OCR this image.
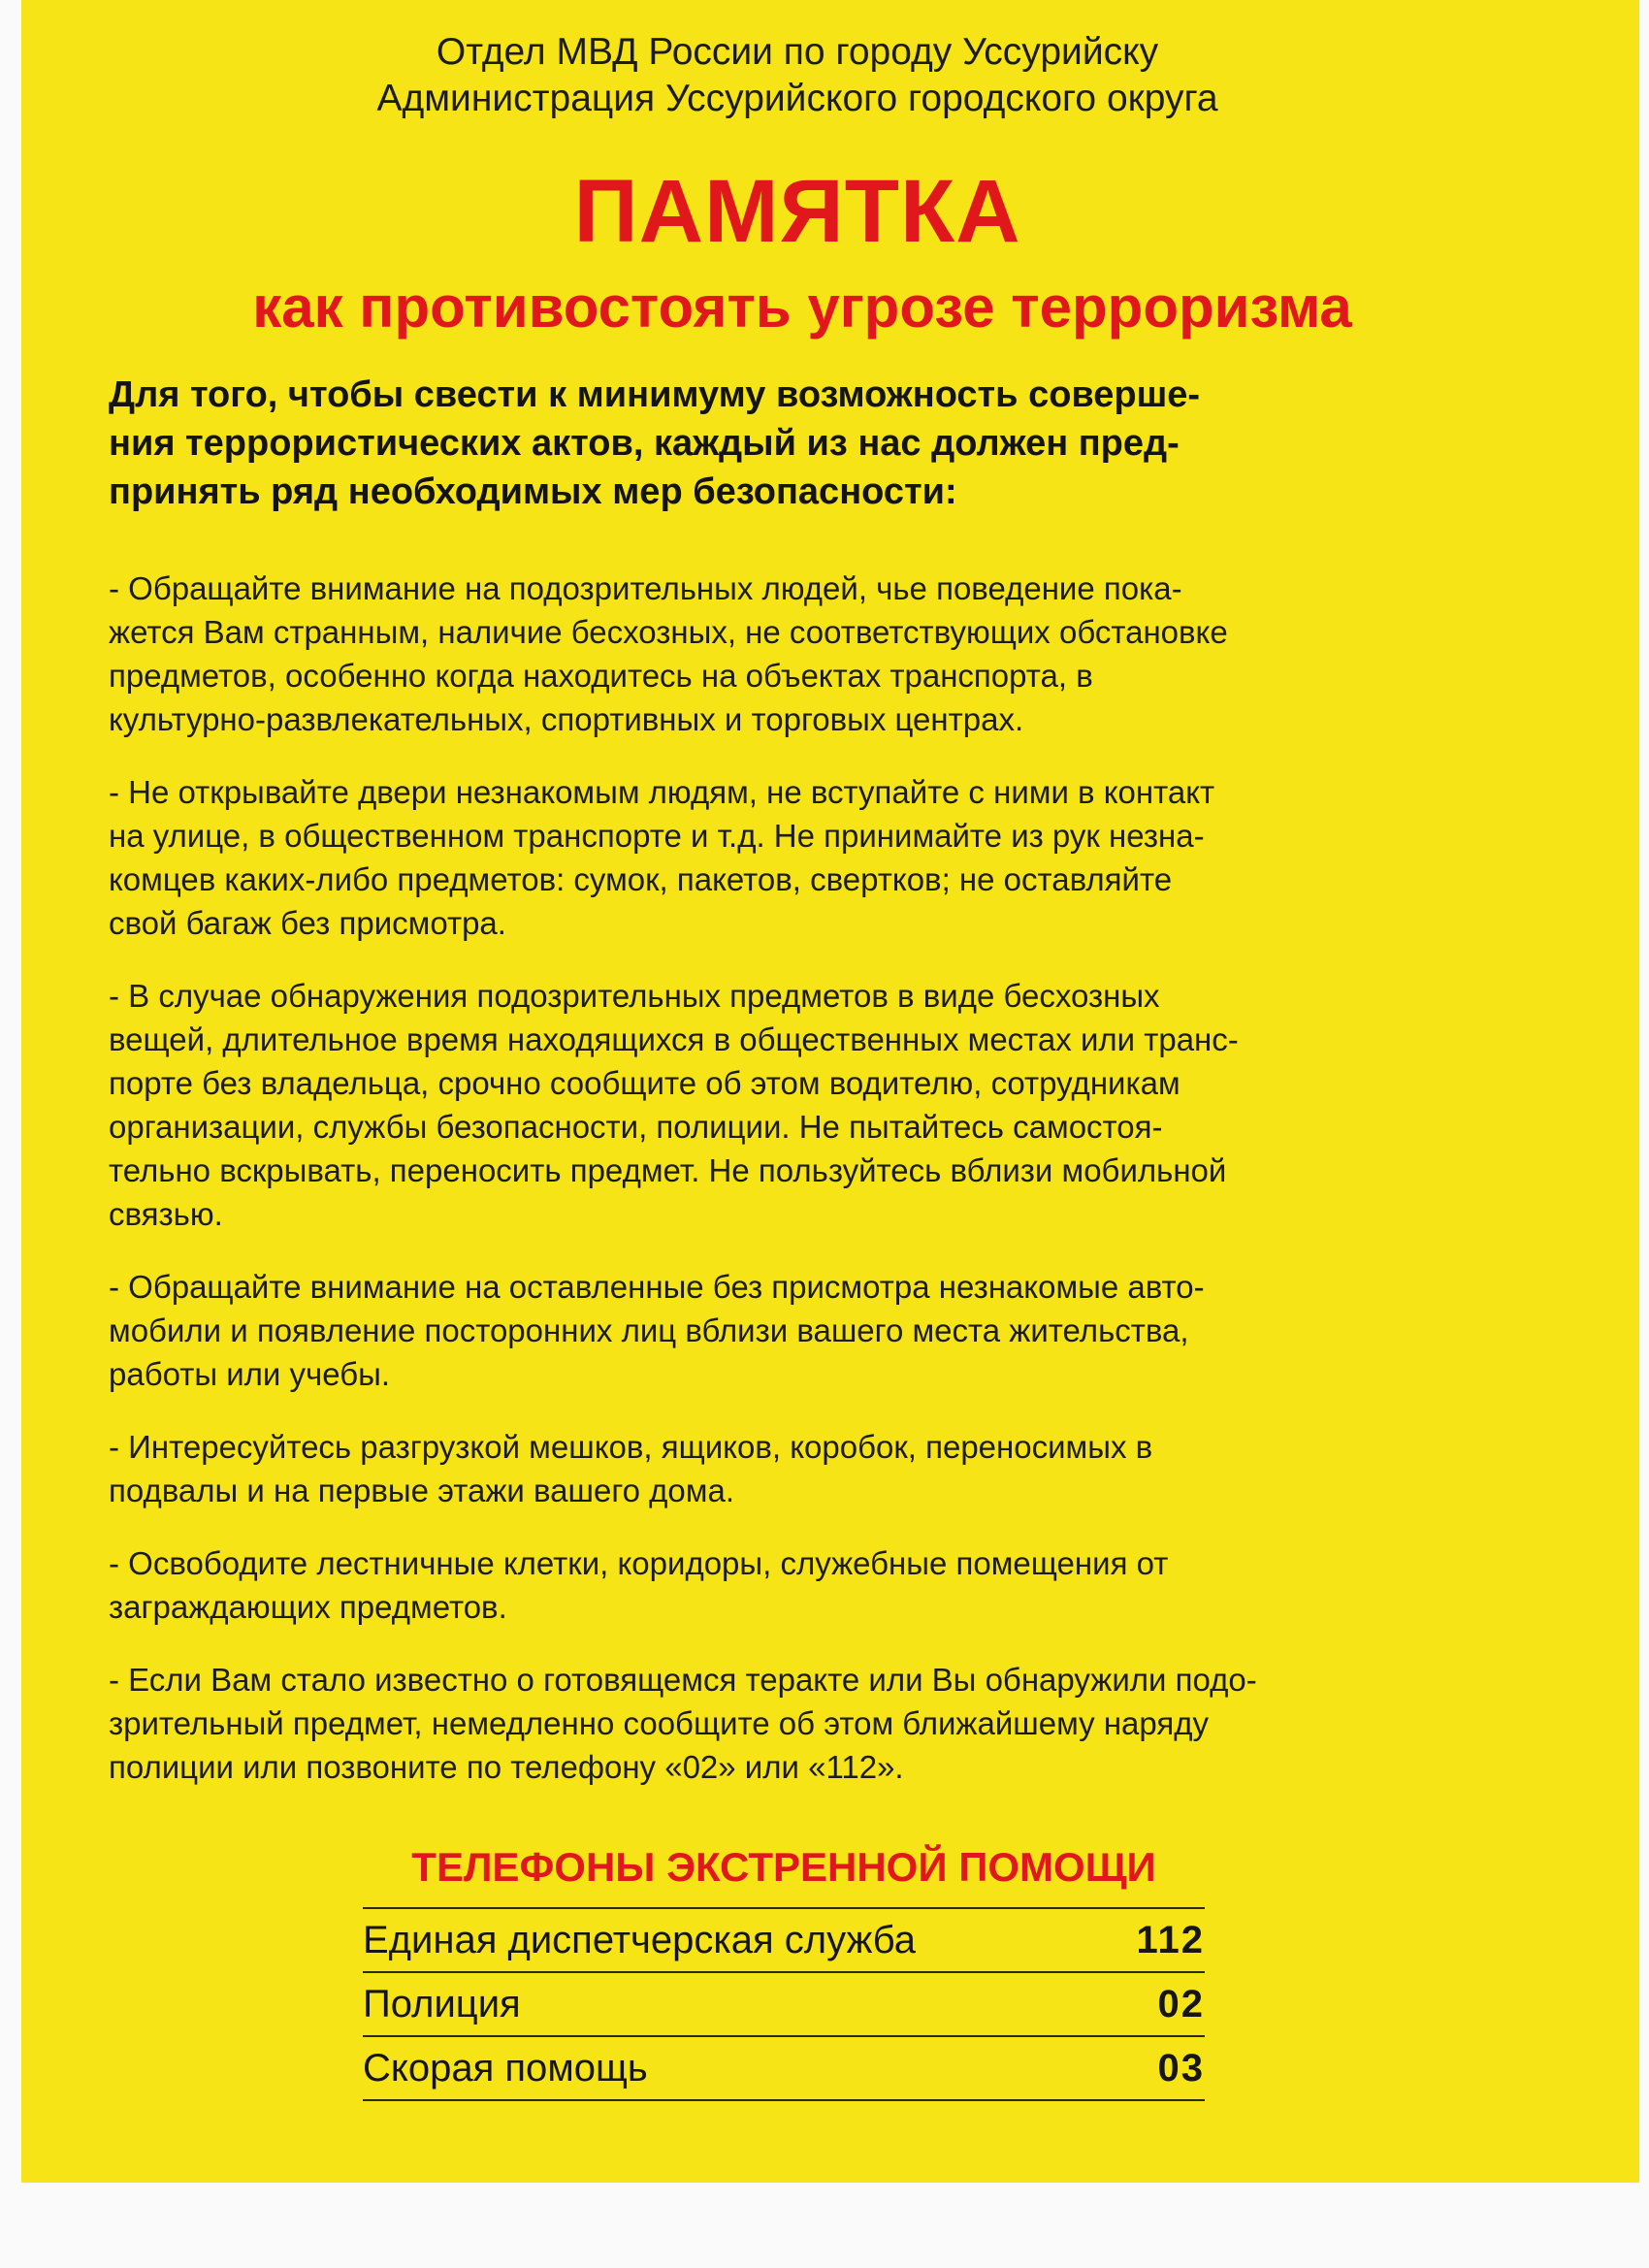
Отдел МВД России по городу Уссурийску
Администрация Уссурийского городского округа
ПАМЯТКА
как противостоять угрозе терроризма
Для того, чтобы свести к минимуму возможность соверше-
ния террористических актов, каждый из нас должен пред-
принять ряд необходимых мер безопасности:
- Обращайте внимание на подозрительных людей, чье поведение пока-
жется Вам странным, наличие бесхозных, не соответствующих обстановке
предметов, особенно когда находитесь на объектах транспорта, в
культурно-развлекательных, спортивных и торговых центрах.
- Не открывайте двери незнакомым людям, не вступайте с ними в контакт
на улице, в общественном транспорте и т.д. Не принимайте из рук незна-
комцев каких-либо предметов: сумок, пакетов, свертков; не оставляйте
свой багаж без присмотра.
- В случае обнаружения подозрительных предметов в виде бесхозных
вещей, длительное время находящихся в общественных местах или транс-
порте без владельца, срочно сообщите об этом водителю, сотрудникам
организации, службы безопасности, полиции. Не пытайтесь самостоя-
тельно вскрывать, переносить предмет. Не пользуйтесь вблизи мобильной
связью.
- Обращайте внимание на оставленные без присмотра незнакомые авто-
мобили и появление посторонних лиц вблизи вашего места жительства,
работы или учебы.
- Интересуйтесь разгрузкой мешков, ящиков, коробок, переносимых в
подвалы и на первые этажи вашего дома.
- Освободите лестничные клетки, коридоры, служебные помещения от
заграждающих предметов.
- Если Вам стало известно о готовящемся теракте или Вы обнаружили подо-
зрительный предмет, немедленно сообщите об этом ближайшему наряду
полиции или позвоните по телефону «02» или «112».
ТЕЛЕФОНЫ ЭКСТРЕННОЙ ПОМОЩИ
Единая диспетчерская служба	112
Полиция	02
Скорая помощь	03
